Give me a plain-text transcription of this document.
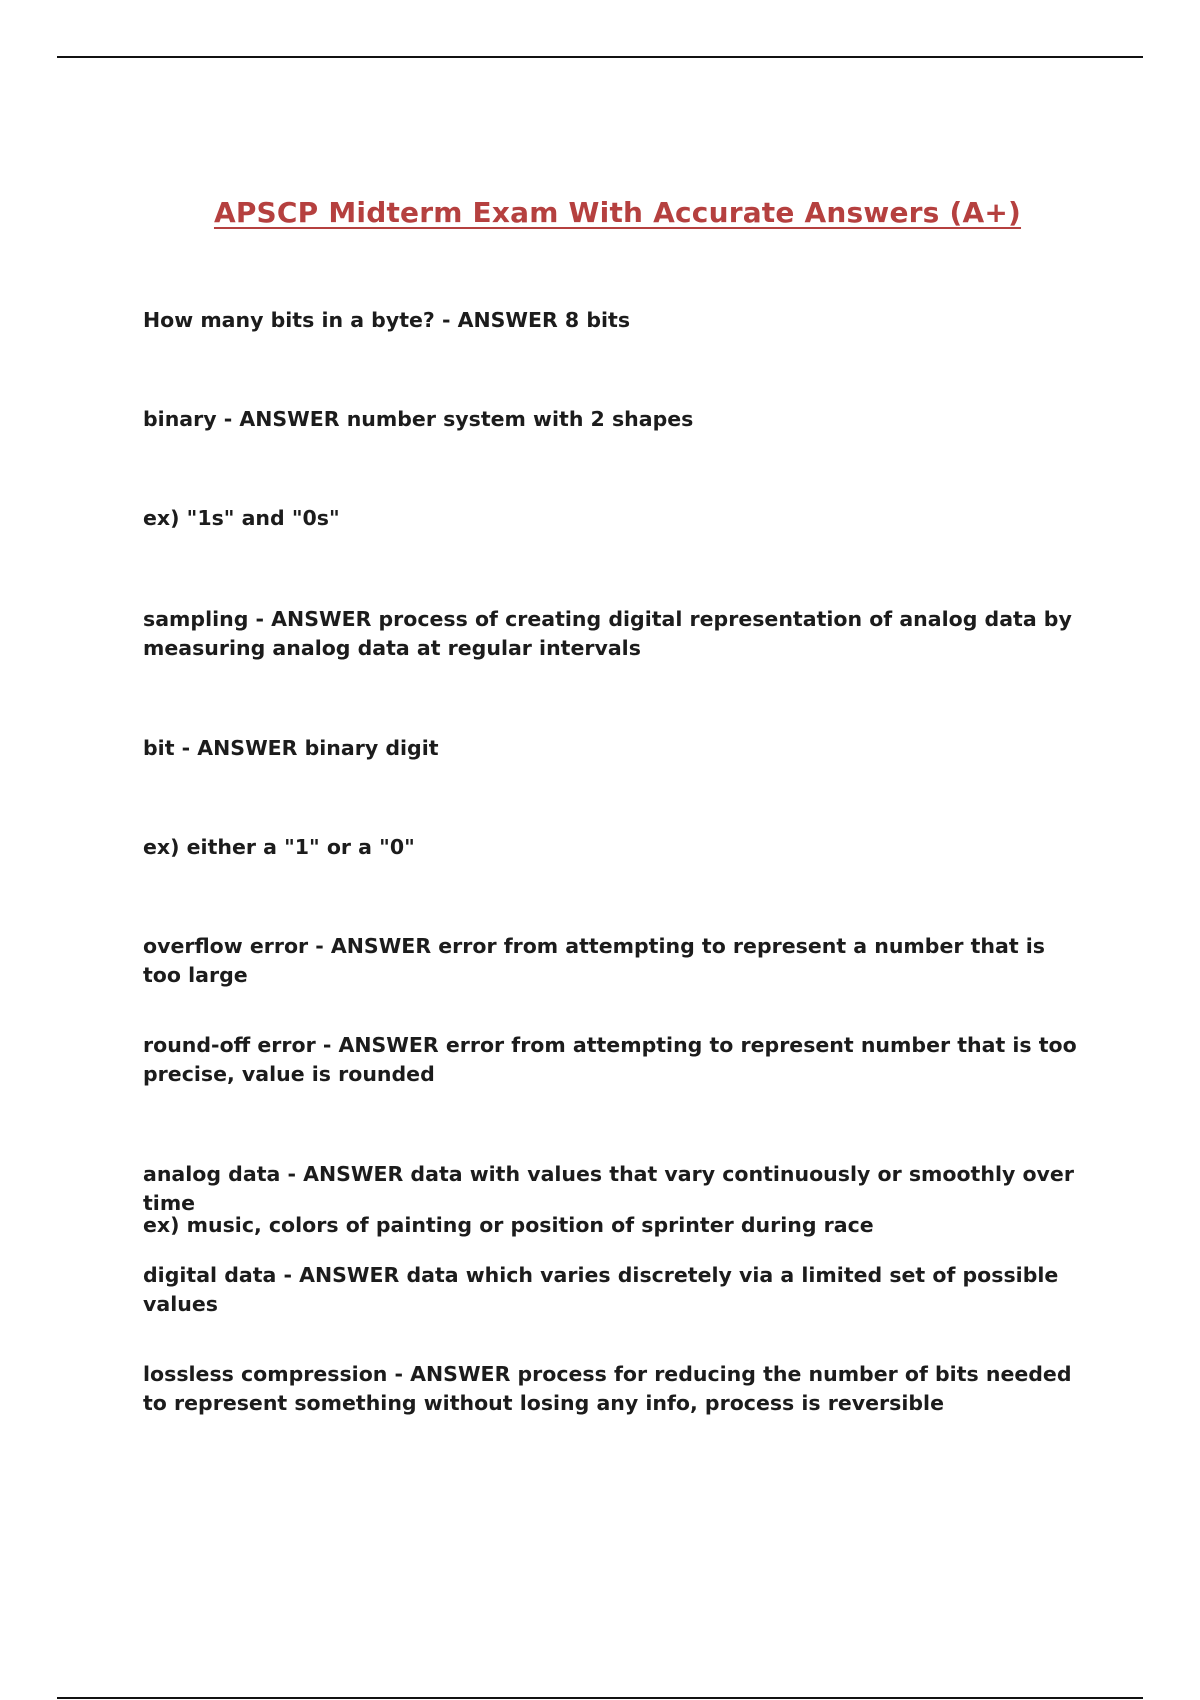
APSCP Midterm Exam With Accurate Answers (A+)
How many bits in a byte? - ANSWER 8 bits
binary - ANSWER number system with 2 shapes
ex) "1s" and "0s"
sampling - ANSWER process of creating digital representation of analog data by measuring analog data at regular intervals
bit - ANSWER binary digit
ex) either a "1" or a "0"
overflow error - ANSWER error from attempting to represent a number that is too large
round-off error - ANSWER error from attempting to represent number that is too precise, value is rounded
analog data - ANSWER data with values that vary continuously or smoothly over time
ex) music, colors of painting or position of sprinter during race
digital data - ANSWER data which varies discretely via a limited set of possible values
lossless compression - ANSWER process for reducing the number of bits needed to represent something without losing any info, process is reversible
